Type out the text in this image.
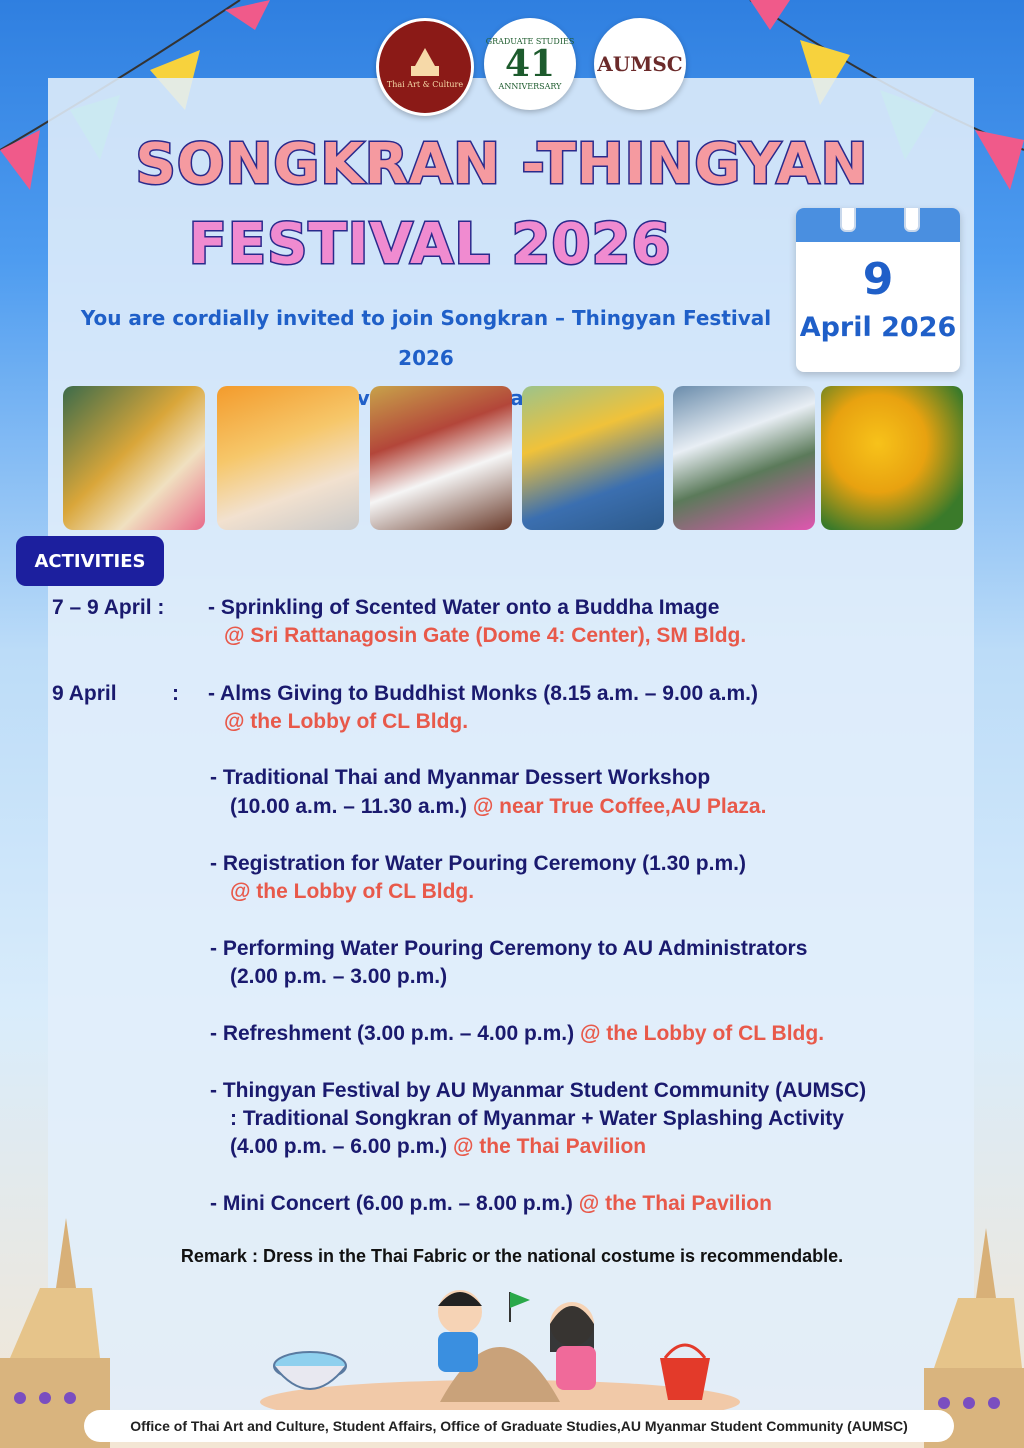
Thai Art & Culture
GRADUATE STUDIES
41
ANNIVERSARY
AUMSC
SONGKRAN -THINGYAN
FESTIVAL 2026
You are cordially invited to join Songkran – Thingyan Festival 2026
9
April 2026
ACTIVITIES
7 – 9 April : - Sprinkling of Scented Water onto a Buddha Image
@ Sri Rattanagosin Gate (Dome 4: Center), SM Bldg.
9 April	: - Alms Giving to Buddhist Monks (8.15 a.m. – 9.00 a.m.)
@ the Lobby of CL Bldg.
- Traditional Thai and Myanmar Dessert Workshop
(10.00 a.m. – 11.30 a.m.) @ near True Coffee,AU Plaza.
- Registration for Water Pouring Ceremony (1.30 p.m.)
@ the Lobby of CL Bldg.
- Performing Water Pouring Ceremony to AU Administrators
(2.00 p.m. – 3.00 p.m.)
- Refreshment (3.00 p.m. – 4.00 p.m.) @ the Lobby of CL Bldg.
- Thingyan Festival by AU Myanmar Student Community (AUMSC)
: Traditional Songkran of Myanmar + Water Splashing Activity
(4.00 p.m. – 6.00 p.m.) @ the Thai Pavilion
- Mini Concert (6.00 p.m. – 8.00 p.m.) @ the Thai Pavilion
Remark : Dress in the Thai Fabric or the national costume is recommendable.
Office of Thai Art and Culture, Student Affairs, Office of Graduate Studies,AU Myanmar Student Community (AUMSC)
